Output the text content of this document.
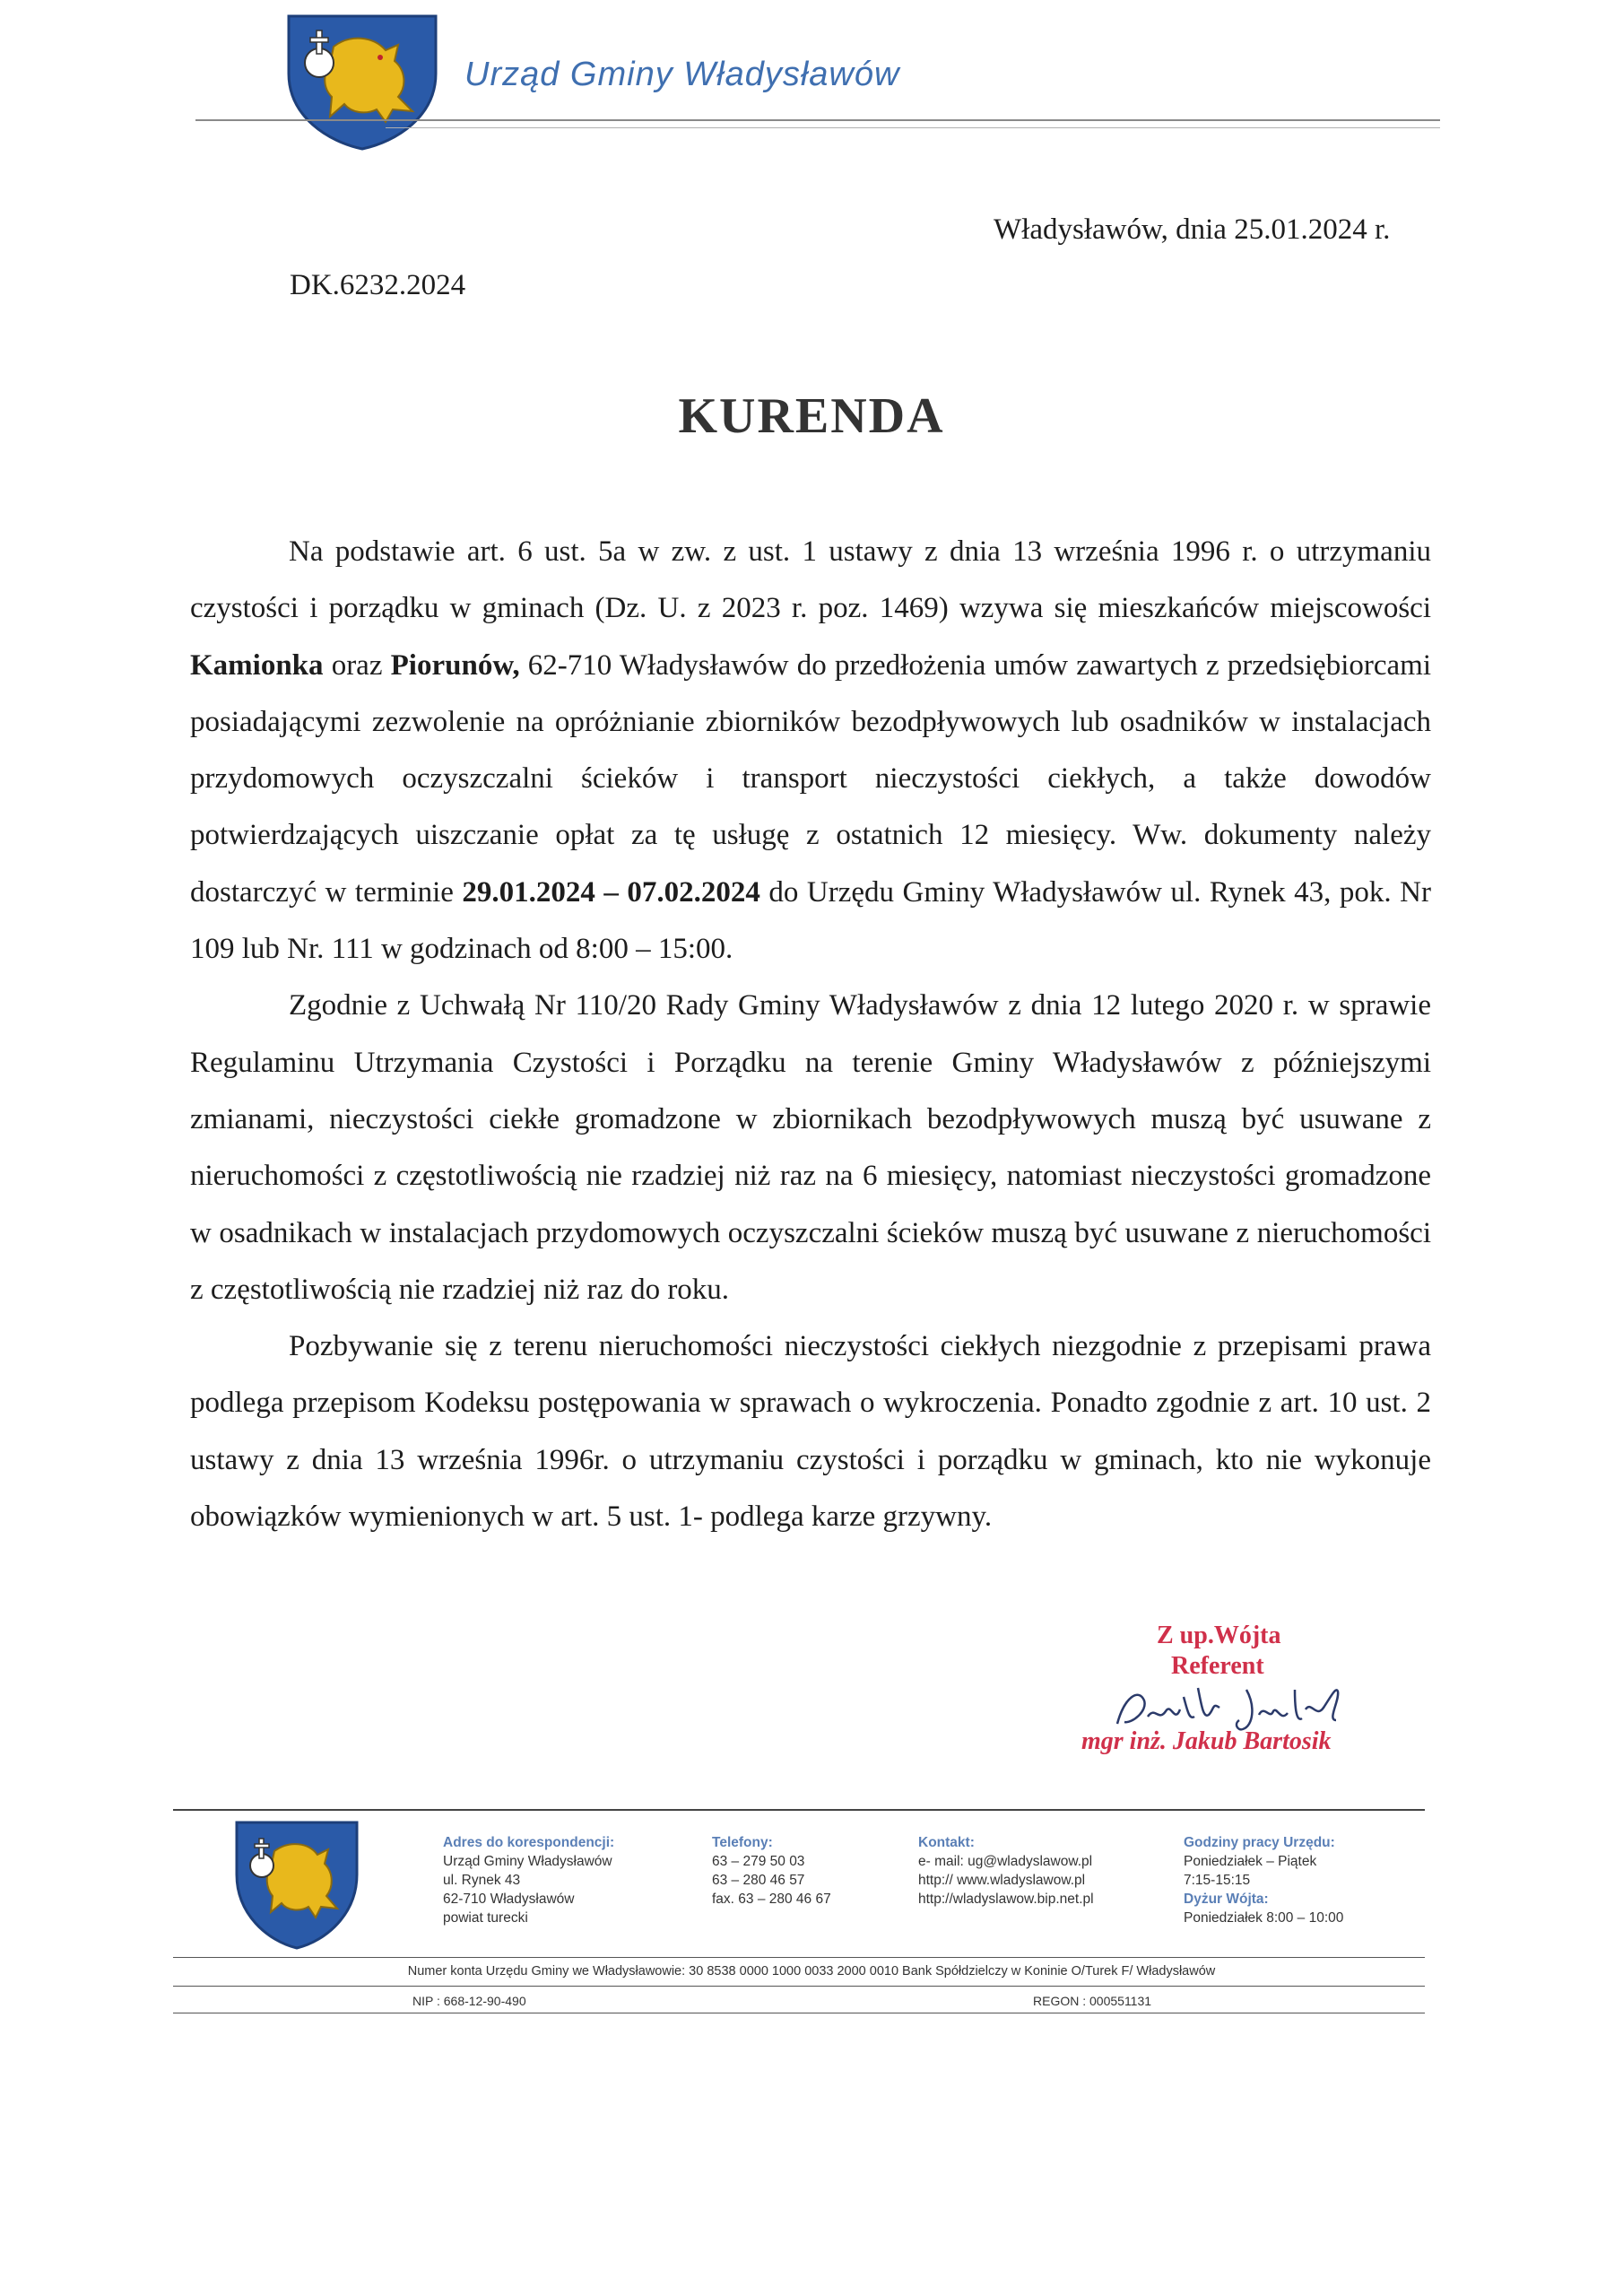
Urząd Gminy Władysławów
Władysławów, dnia 25.01.2024 r.
DK.6232.2024
KURENDA

Na podstawie art. 6 ust. 5a w zw. z ust. 1 ustawy z dnia 13 września 1996 r. o utrzymaniu czystości i porządku w gminach (Dz. U. z 2023 r. poz. 1469) wzywa się mieszkańców miejscowości Kamionka oraz Piorunów, 62-710 Władysławów do przedłożenia umów zawartych z przedsiębiorcami posiadającymi zezwolenie na opróżnianie zbiorników bezodpływowych lub osadników w instalacjach przydomowych oczyszczalni ścieków i transport nieczystości ciekłych, a także dowodów potwierdzających uiszczanie opłat za tę usługę z ostatnich 12 miesięcy. Ww. dokumenty należy dostarczyć w terminie 29.01.2024 – 07.02.2024 do Urzędu Gminy Władysławów ul. Rynek 43, pok. Nr 109 lub Nr. 111 w godzinach od 8:00 – 15:00.

Zgodnie z Uchwałą Nr 110/20 Rady Gminy Władysławów z dnia 12 lutego 2020 r. w sprawie Regulaminu Utrzymania Czystości i Porządku na terenie Gminy Władysławów z późniejszymi zmianami, nieczystości ciekłe gromadzone w zbiornikach bezodpływowych muszą być usuwane z nieruchomości z częstotliwością nie rzadziej niż raz na 6 miesięcy, natomiast nieczystości gromadzone w osadnikach w instalacjach przydomowych oczyszczalni ścieków muszą być usuwane z nieruchomości z częstotliwością nie rzadziej niż raz do roku.

Pozbywanie się z terenu nieruchomości nieczystości ciekłych niezgodnie z przepisami prawa podlega przepisom Kodeksu postępowania w sprawach o wykroczenia. Ponadto zgodnie z art. 10 ust. 2 ustawy z dnia 13 września 1996r. o utrzymaniu czystości i porządku w gminach, kto nie wykonuje obowiązków wymienionych w art. 5 ust. 1- podlega karze grzywny.

Z up.Wójta
Referent
mgr inż. Jakub Bartosik
Adres do korespondencji:
Urząd Gminy Władysławów
ul. Rynek 43
62-710 Władysławów
powiat turecki
Telefony:
63 – 279 50 03
63 – 280 46 57
fax. 63 – 280 46 67
Kontakt:
e- mail: ug@wladyslawow.pl
http:// www.wladyslawow.pl
http://wladyslawow.bip.net.pl
Godziny pracy Urzędu:
Poniedziałek – Piątek
7:15-15:15
Dyżur Wójta:
Poniedziałek 8:00 – 10:00
Numer konta Urzędu Gminy we Władysławowie: 30 8538 0000 1000 0033 2000 0010 Bank Spółdzielczy w Koninie O/Turek F/ Władysławów
NIP : 668-12-90-490	REGON : 000551131
